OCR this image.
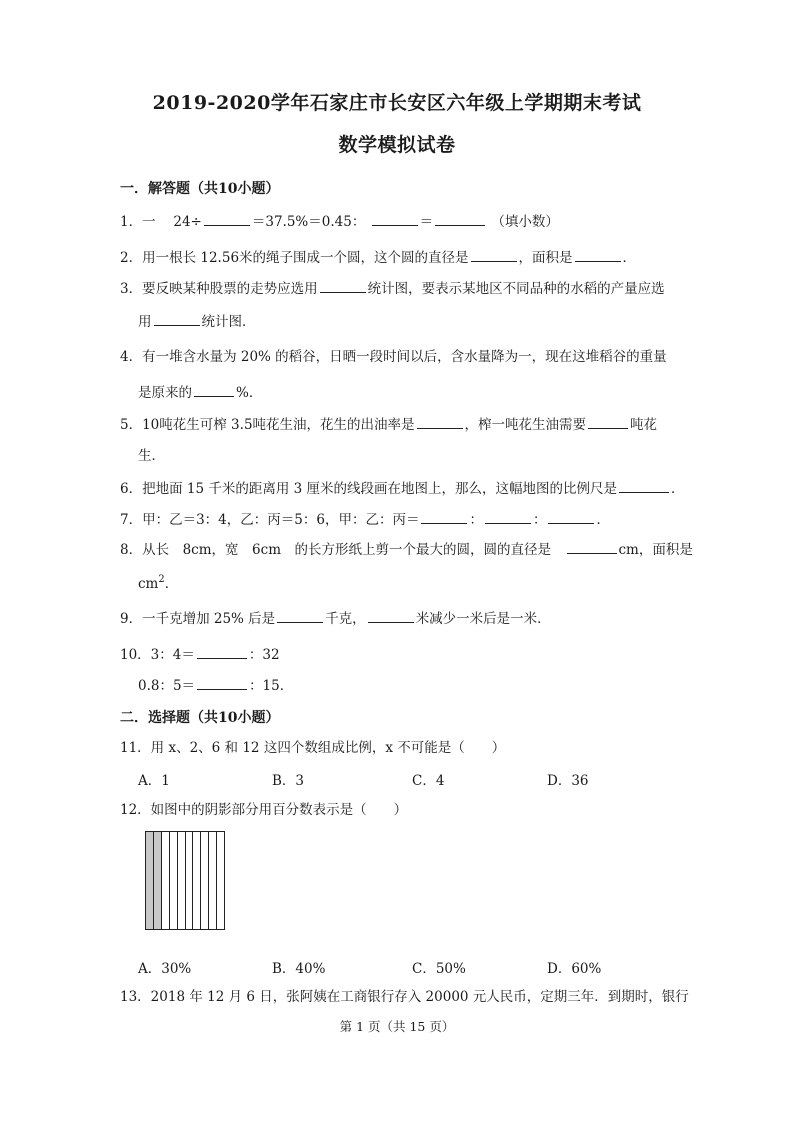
2019-2020学年石家庄市长安区六年级上学期期末考试
数学模拟试卷
一．解答题（共10小题）
1．一　 24÷	＝37.5%＝0.45：	＝	（填小数）
2．用一根长 12.56米的绳子围成一个圆，这个圆的直径是	，面积是	．
3．要反映某种股票的走势应选用	统计图，要表示某地区不同品种的水稻的产量应选
用	统计图．
4．有一堆含水量为 20% 的稻谷，日晒一段时间以后，含水量降为一，现在这堆稻谷的重量
是原来的	%．
5．10吨花生可榨 3.5吨花生油，花生的出油率是	，榨一吨花生油需要	吨花
生．
6．把地面 15 千米的距离用 3 厘米的线段画在地图上，那么，这幅地图的比例尺是	．
7．甲：乙＝3：4，乙：丙＝5：6，甲：乙：丙＝	：	：	．
8．从长　8cm，宽　6cm　的长方形纸上剪一个最大的圆，圆的直径是　	cm，面积是
$cm^2$．
9．一千克增加 25% 后是	千克，	米减少一米后是一米．
10．3：4＝	：32
0.8：5＝	：15．
二．选择题（共10小题）
11．用 x、2、6 和 12 这四个数组成比例，x 不可能是（　　）
A．1	B．3	C．4	D．36
12．如图中的阴影部分用百分数表示是（　　）
A．30%	B．40%	C．50%	D．60%
13．2018 年 12 月 6 日，张阿姨在工商银行存入 20000 元人民币，定期三年．到期时，银行
第 1 页（共 15 页）
